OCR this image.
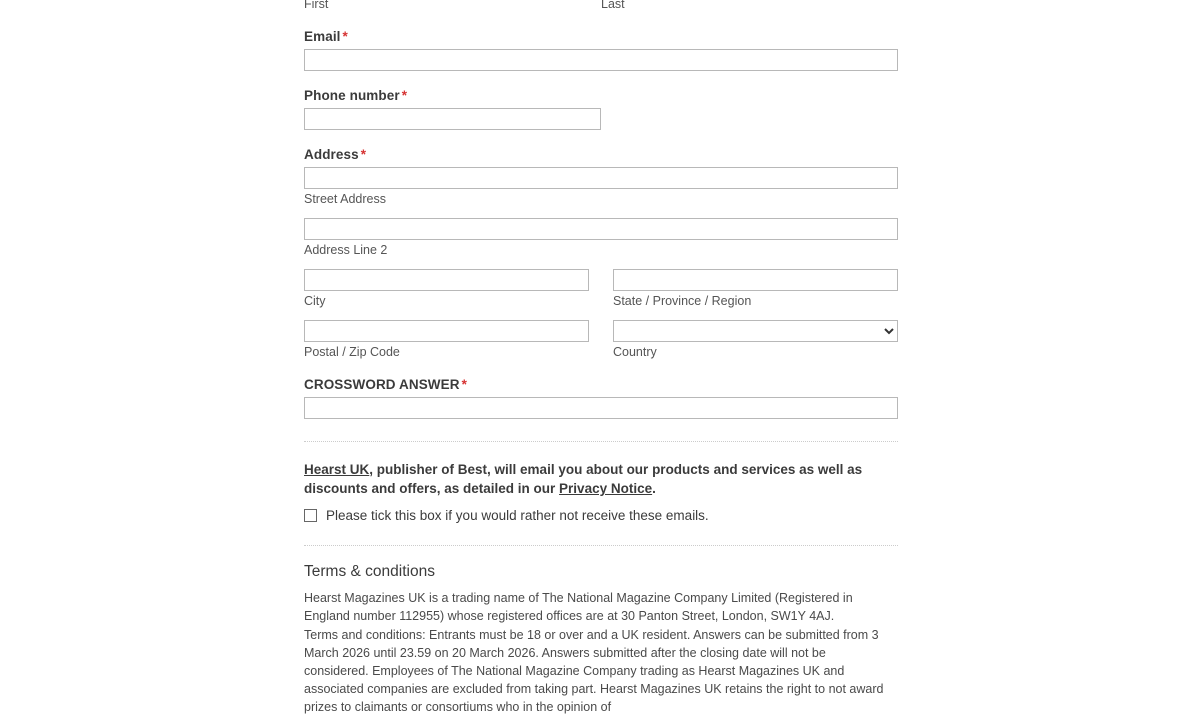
First	Last
Email *
Phone number *
Address *
Street Address
Address Line 2
City	State / Province / Region
Postal / Zip Code	Country
CROSSWORD ANSWER *
Hearst UK, publisher of Best, will email you about our products and services as well as discounts and offers, as detailed in our Privacy Notice.
Please tick this box if you would rather not receive these emails.
Terms & conditions
Hearst Magazines UK is a trading name of The National Magazine Company Limited (Registered in England number 112955) whose registered offices are at 30 Panton Street, London, SW1Y 4AJ.
Terms and conditions: Entrants must be 18 or over and a UK resident. Answers can be submitted from 3 March 2026 until 23.59 on 20 March 2026. Answers submitted after the closing date will not be considered. Employees of The National Magazine Company trading as Hearst Magazines UK and associated companies are excluded from taking part. Hearst Magazines UK retains the right to not award prizes to claimants or consortiums who in the opinion of
